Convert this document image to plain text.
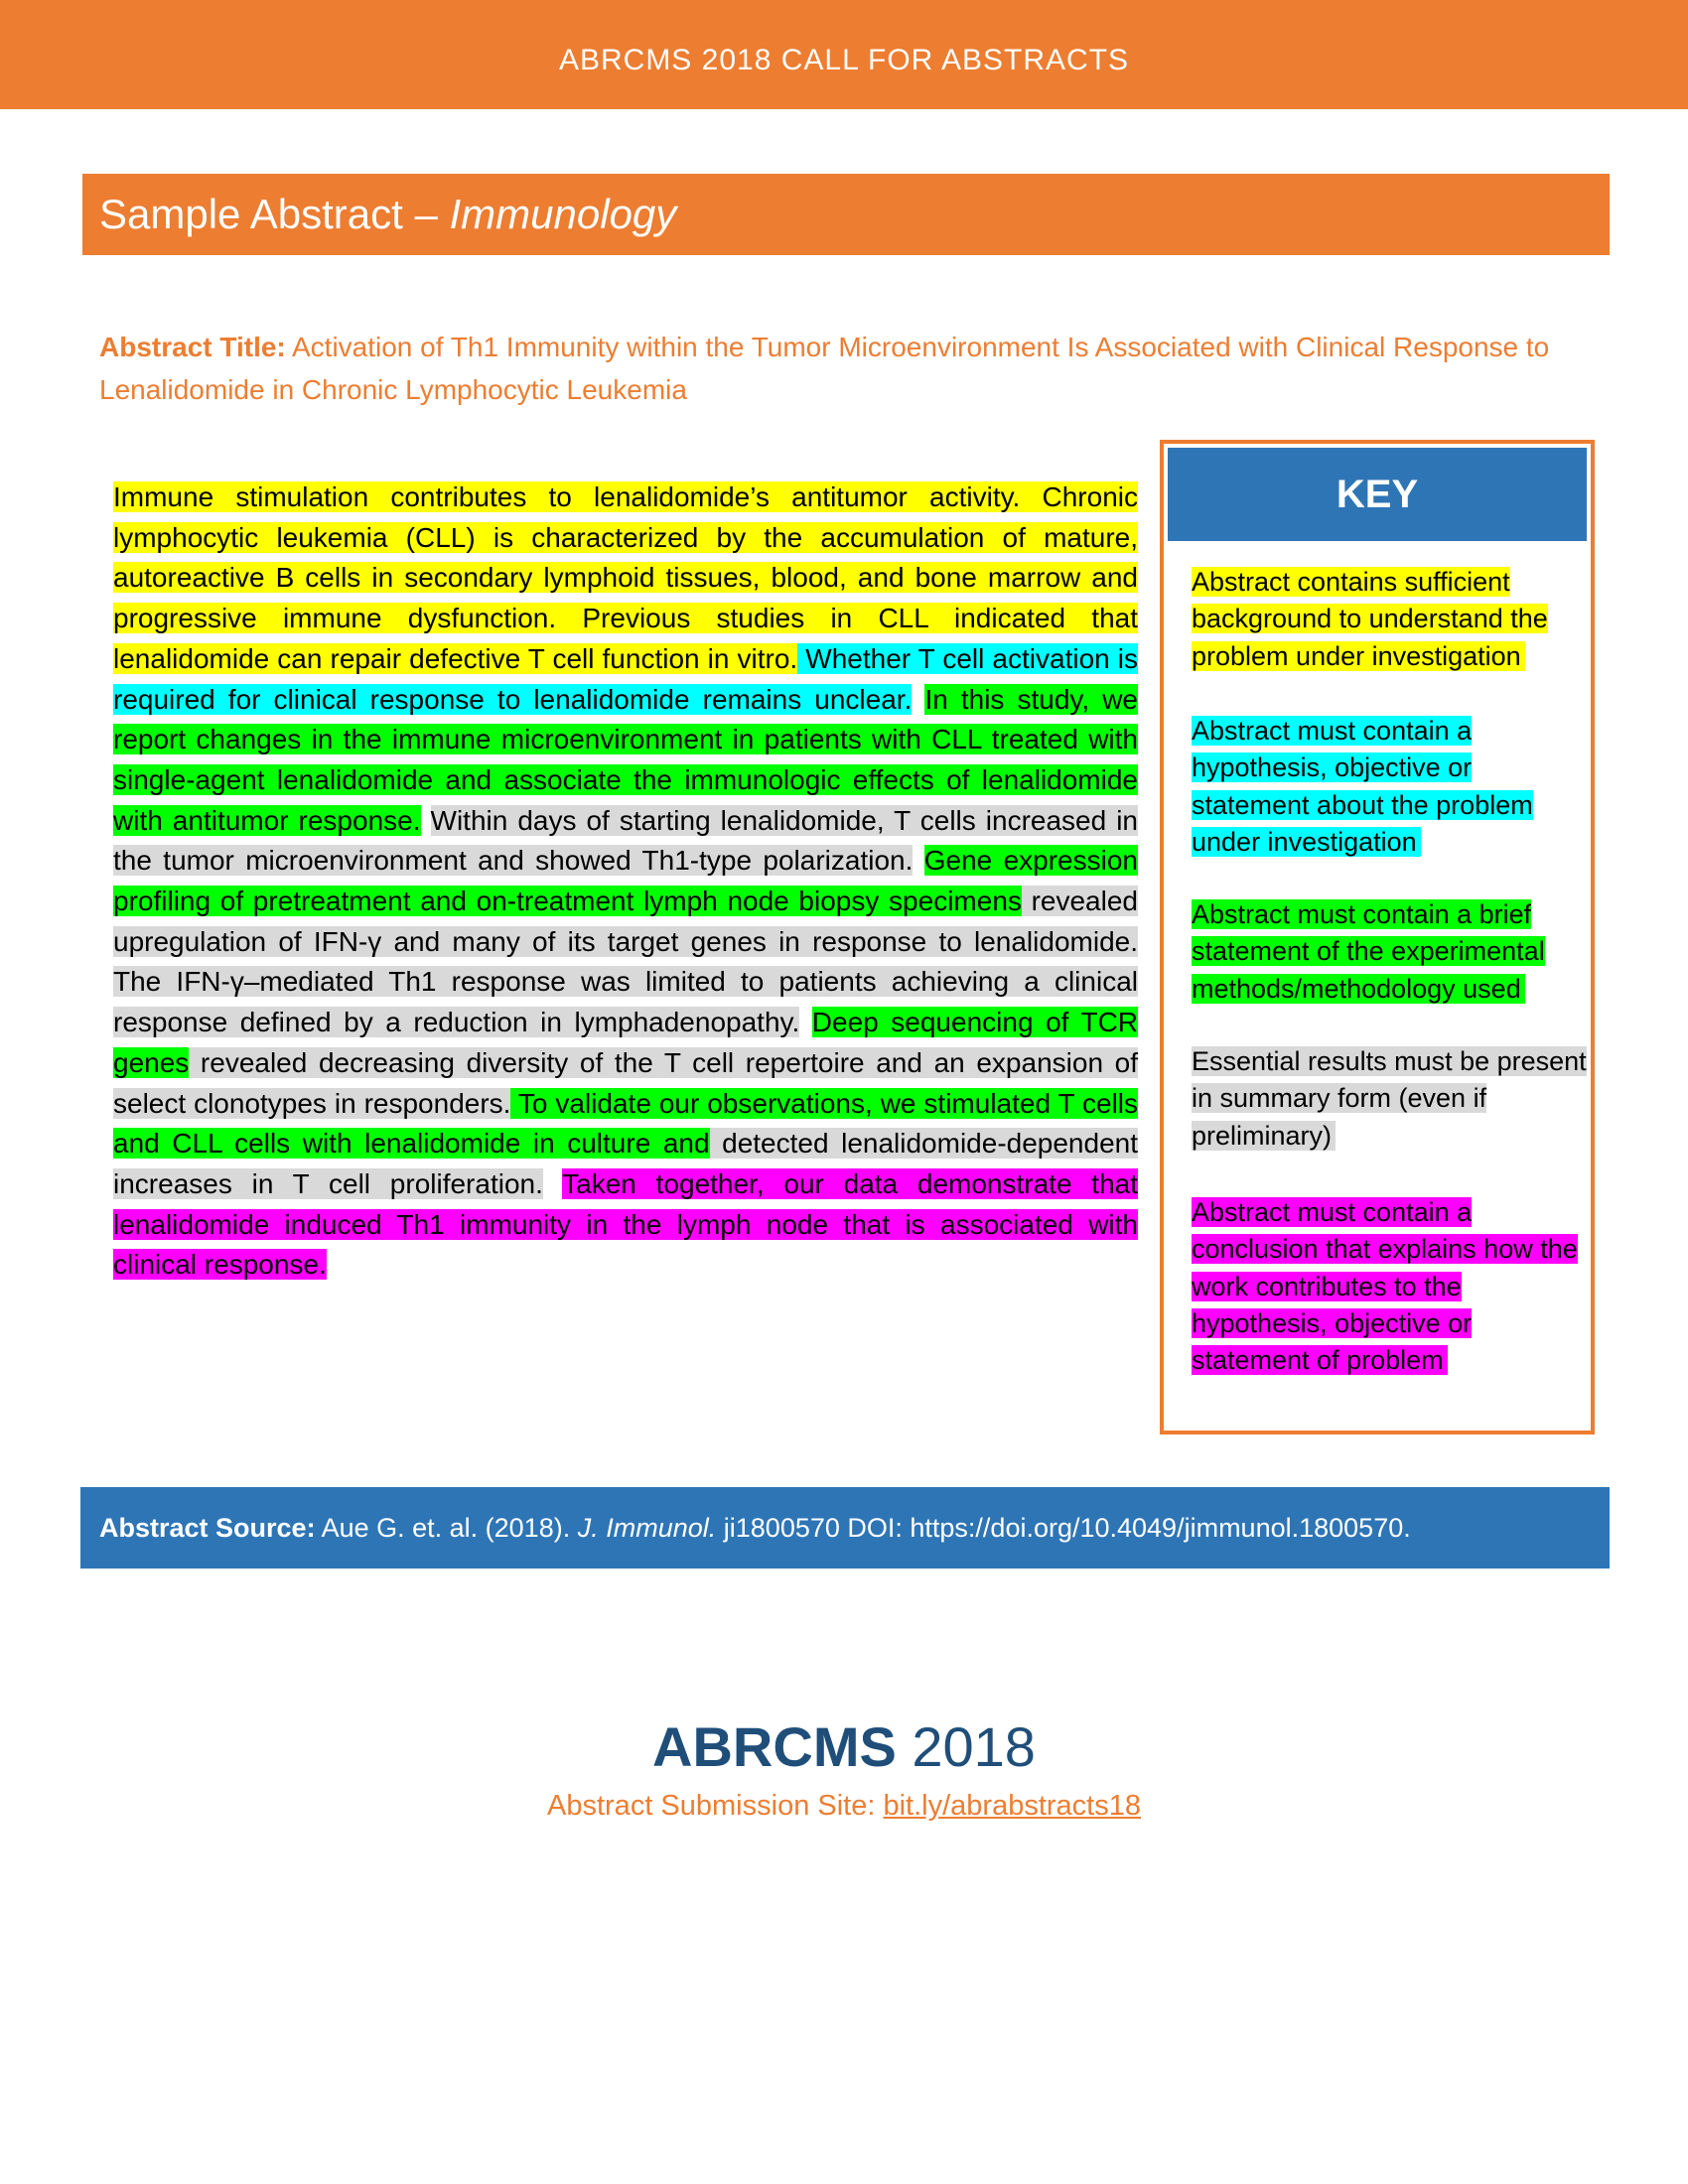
ABRCMS 2018 CALL FOR ABSTRACTS
Sample Abstract – Immunology
Abstract Title: Activation of Th1 Immunity within the Tumor Microenvironment Is Associated with Clinical Response to Lenalidomide in Chronic Lymphocytic Leukemia

Immune stimulation contributes to lenalidomide’s antitumor activity. Chronic lymphocytic leukemia (CLL) is characterized by the accumulation of mature, autoreactive B cells in secondary lymphoid tissues, blood, and bone marrow and progressive immune dysfunction. Previous studies in CLL indicated that lenalidomide can repair defective T cell function in vitro. Whether T cell activation is required for clinical response to lenalidomide remains unclear. In this study, we report changes in the immune microenvironment in patients with CLL treated with single-agent lenalidomide and associate the immunologic effects of lenalidomide with antitumor response. Within days of starting lenalidomide, T cells increased in the tumor microenvironment and showed Th1-type polarization. Gene expression profiling of pretreatment and on-treatment lymph node biopsy specimens revealed upregulation of IFN-γ and many of its target genes in response to lenalidomide. The IFN-γ–mediated Th1 response was limited to patients achieving a clinical response defined by a reduction in lymphadenopathy. Deep sequencing of TCR genes revealed decreasing diversity of the T cell repertoire and an expansion of select clonotypes in responders. To validate our observations, we stimulated T cells and CLL cells with lenalidomide in culture and detected lenalidomide-dependent increases in T cell proliferation. Taken together, our data demonstrate that lenalidomide induced Th1 immunity in the lymph node that is associated with clinical response.

KEY

Abstract contains sufficient background to understand the problem under investigation

Abstract must contain a hypothesis, objective or statement about the problem under investigation

Abstract must contain a brief statement of the experimental methods/methodology used

Essential results must be present in summary form (even if preliminary)

Abstract must contain a conclusion that explains how the work contributes to the hypothesis, objective or statement of problem

Abstract Source: Aue G. et. al. (2018). J. Immunol. ji1800570 DOI: https://doi.org/10.4049/jimmunol.1800570.
ABRCMS 2018
Abstract Submission Site: bit.ly/abrabstracts18
